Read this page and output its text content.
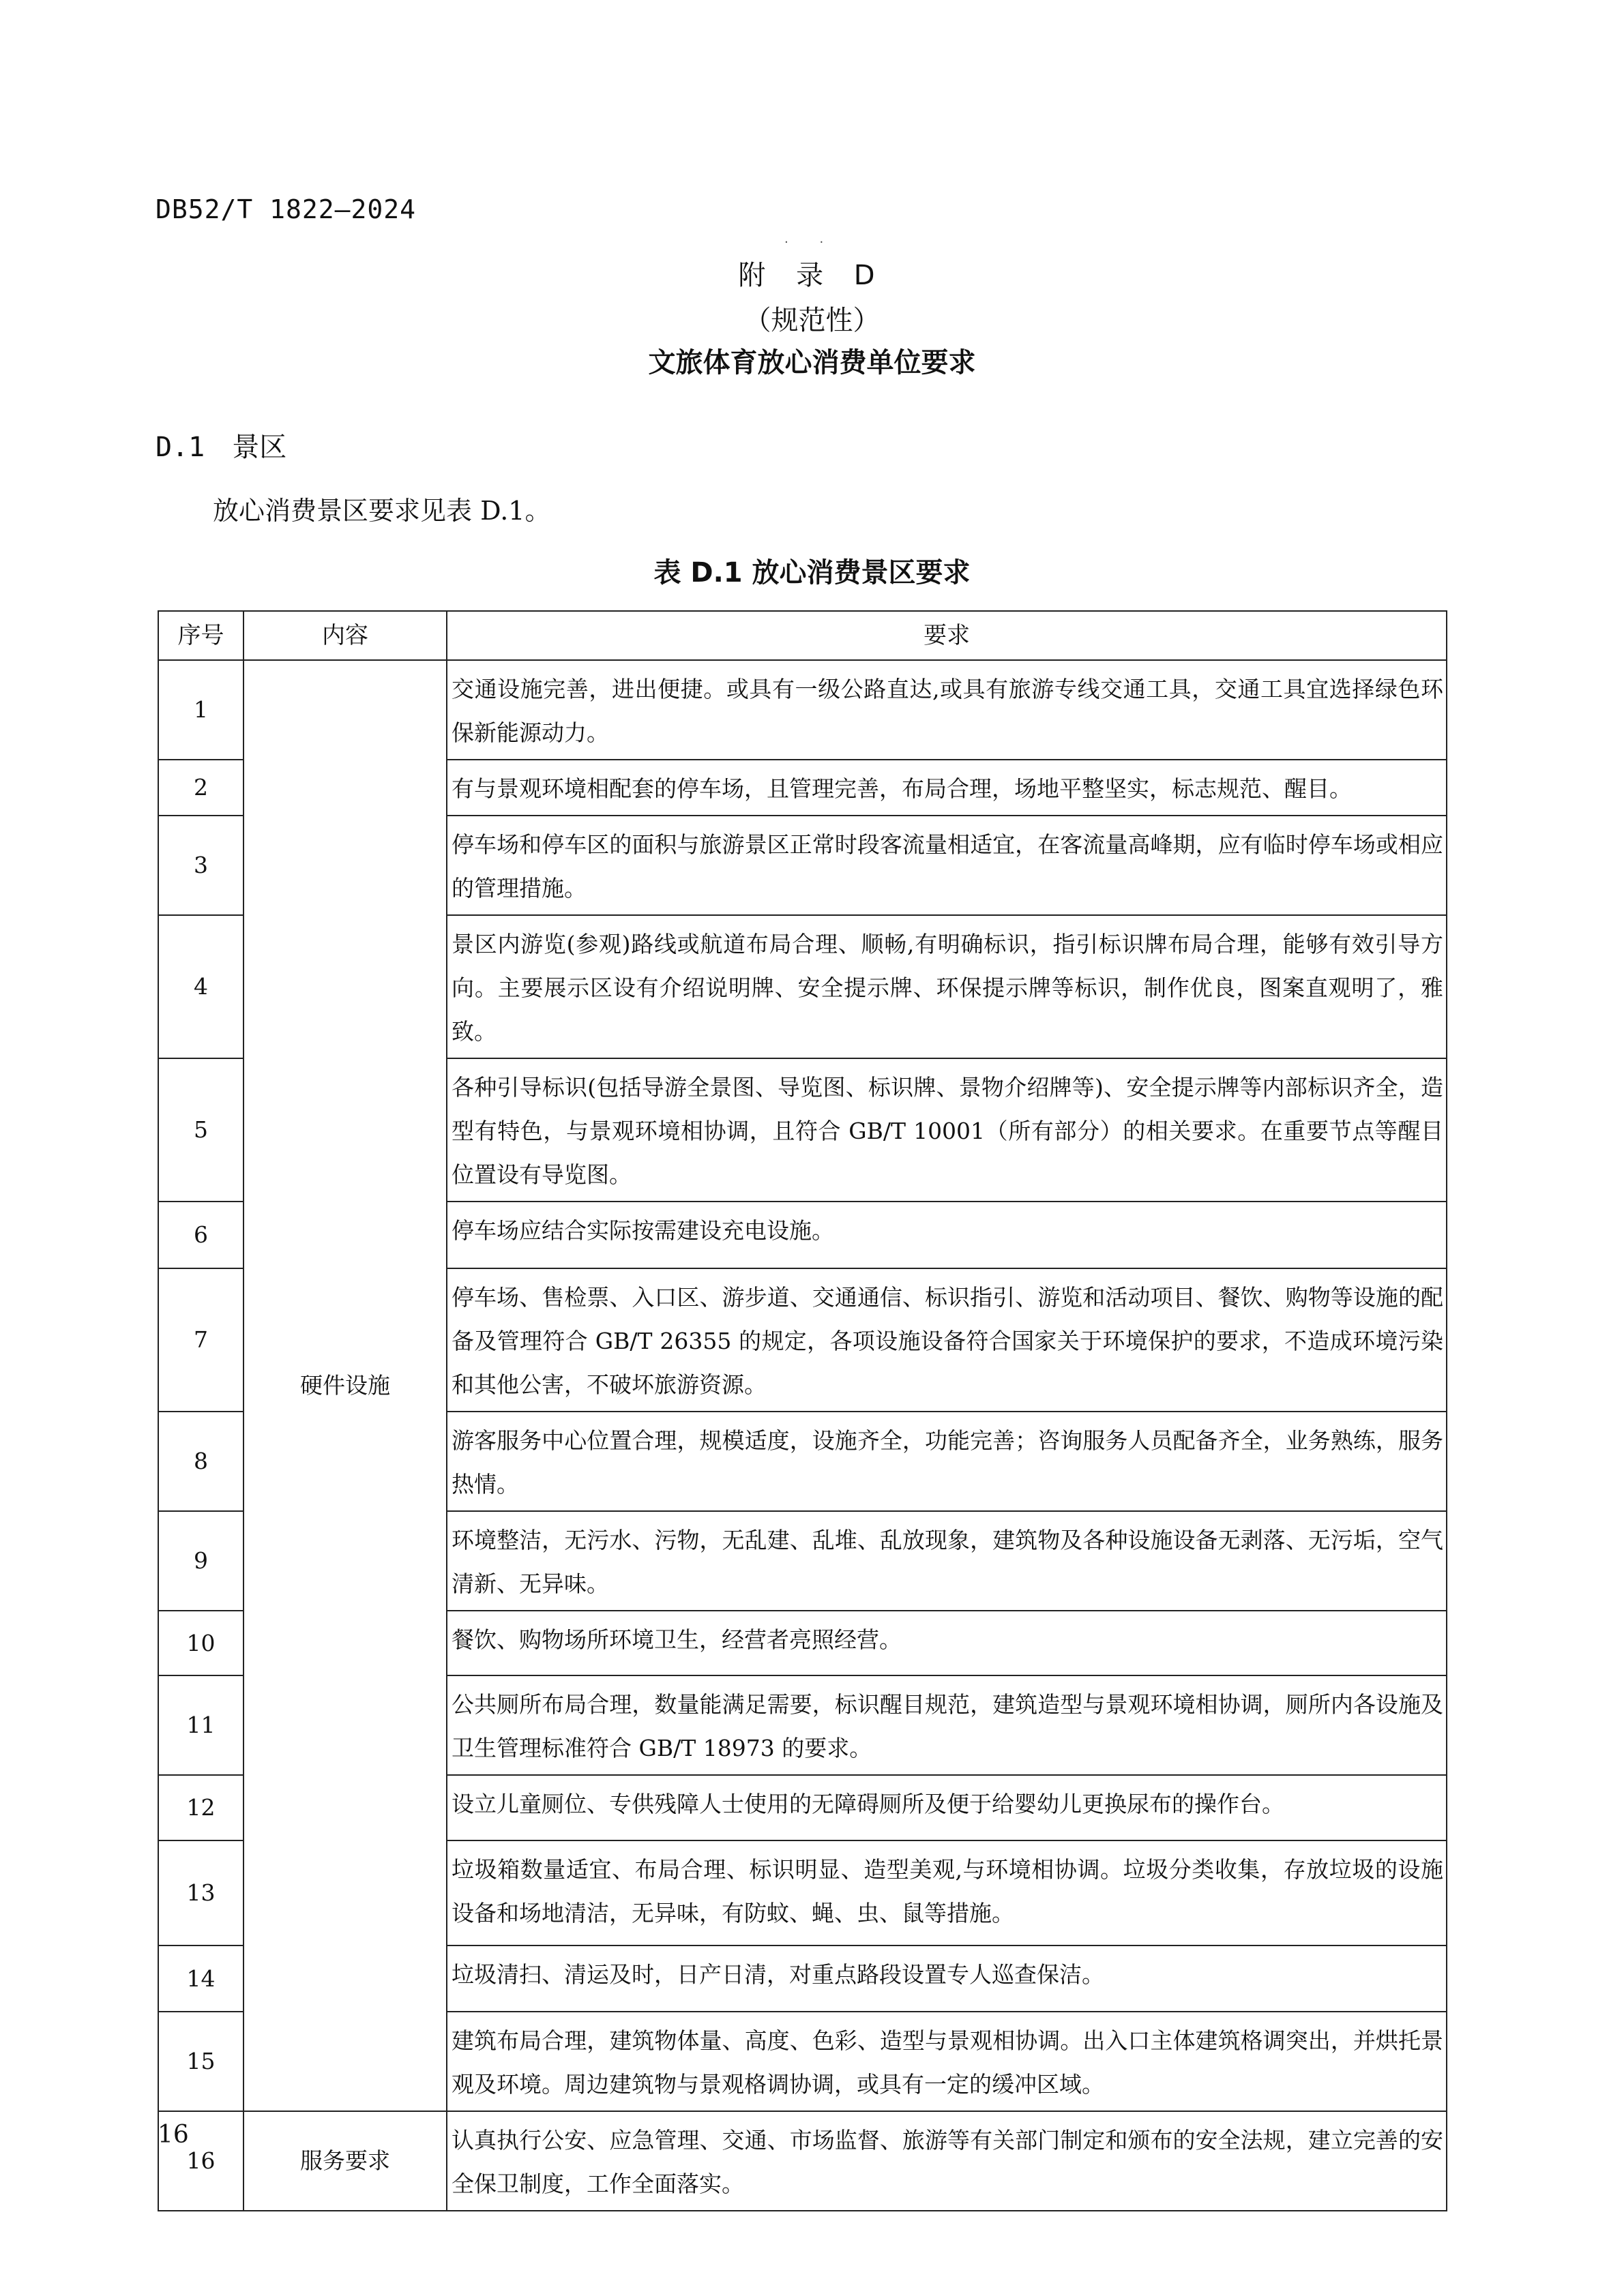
DB52/T 1822—2024
· ·
附 录 D
（规范性）
文旅体育放心消费单位要求
D.1 景区
放心消费景区要求见表 D.1。
表 D.1 放心消费景区要求
序号	内容	要求
1	硬件设施	交通设施完善，进出便捷。或具有一级公路直达,或具有旅游专线交通工具，交通工具宜选择绿色环保新能源动力。
2		有与景观环境相配套的停车场，且管理完善，布局合理，场地平整坚实，标志规范、醒目。
3		停车场和停车区的面积与旅游景区正常时段客流量相适宜，在客流量高峰期，应有临时停车场或相应的管理措施。
4		景区内游览(参观)路线或航道布局合理、顺畅,有明确标识，指引标识牌布局合理，能够有效引导方向。主要展示区设有介绍说明牌、安全提示牌、环保提示牌等标识，制作优良，图案直观明了，雅致。
5		各种引导标识(包括导游全景图、导览图、标识牌、景物介绍牌等)、安全提示牌等内部标识齐全，造型有特色，与景观环境相协调，且符合 GB/T 10001（所有部分）的相关要求。在重要节点等醒目位置设有导览图。
6		停车场应结合实际按需建设充电设施。
7		停车场、售检票、入口区、游步道、交通通信、标识指引、游览和活动项目、餐饮、购物等设施的配备及管理符合 GB/T 26355 的规定，各项设施设备符合国家关于环境保护的要求，不造成环境污染和其他公害，不破坏旅游资源。
8		游客服务中心位置合理，规模适度，设施齐全，功能完善；咨询服务人员配备齐全，业务熟练，服务热情。
9		环境整洁，无污水、污物，无乱建、乱堆、乱放现象，建筑物及各种设施设备无剥落、无污垢，空气清新、无异味。
10		餐饮、购物场所环境卫生，经营者亮照经营。
11		公共厕所布局合理，数量能满足需要，标识醒目规范，建筑造型与景观环境相协调，厕所内各设施及卫生管理标准符合 GB/T 18973 的要求。
12		设立儿童厕位、专供残障人士使用的无障碍厕所及便于给婴幼儿更换尿布的操作台。
13		垃圾箱数量适宜、布局合理、标识明显、造型美观,与环境相协调。垃圾分类收集，存放垃圾的设施设备和场地清洁，无异味，有防蚊、蝇、虫、鼠等措施。
14		垃圾清扫、清运及时，日产日清，对重点路段设置专人巡查保洁。
15		建筑布局合理，建筑物体量、高度、色彩、造型与景观相协调。出入口主体建筑格调突出，并烘托景观及环境。周边建筑物与景观格调协调，或具有一定的缓冲区域。
16	服务要求	认真执行公安、应急管理、交通、市场监督、旅游等有关部门制定和颁布的安全法规，建立完善的安全保卫制度，工作全面落实。
16
